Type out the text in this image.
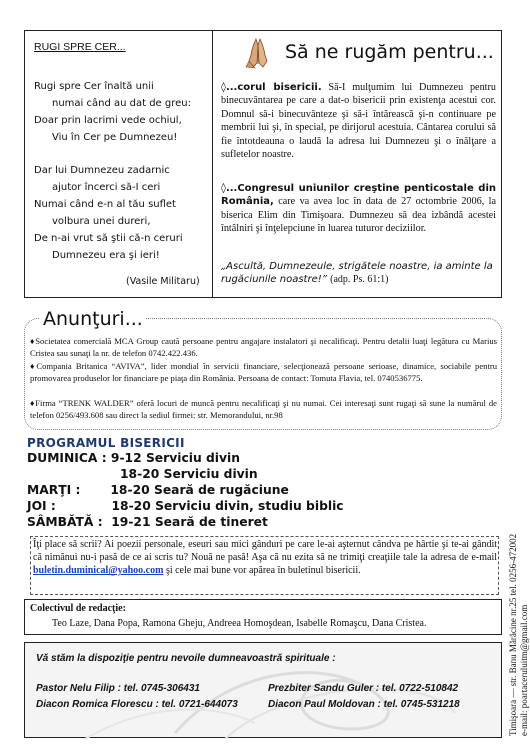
RUGI SPRE CER...
Rugi spre Cer înaltă unii
numai când au dat de greu:
Doar prin lacrimi vede ochiul,
Viu în Cer pe Dumnezeu!
Dar lui Dumnezeu zadarnic
ajutor încerci să-I ceri
Numai când e-n al tău suflet
volbura unei dureri,
De n-ai vrut să ştii că-n ceruri
Dumnezeu era şi ieri!
(Vasile Militaru)
Să ne rugăm pentru...
◊...corul bisericii. Să-I mulţumim lui Dumnezeu pentru binecuvântarea pe care a dat-o bisericii prin existenţa acestui cor. Domnul să-i binecuvânteze şi să-i întărească şi-n continuare pe membrii lui şi, în special, pe dirijorul acestuia. Cântarea corului să fie întotdeauna o laudă la adresa lui Dumnezeu şi o înălţare a sufletelor noastre.
◊...Congresul uniunilor creştine penticostale din România, care va avea loc în data de 27 octombrie 2006, la biserica Elim din Timişoara. Dumnezeu să dea izbândă acestei întâlniri şi înţelepciune în luarea tuturor deciziilor.
„Ascultă, Dumnezeule, strigătele noastre, ia aminte la rugăciunile noastre!” (adp. Ps. 61:1)
Anunţuri...
♦Societatea comercială MCA Group caută persoane pentru angajare instalatori şi necalificaţi. Pentru detalii luaţi legătura cu Marius Cristea sau sunaţi la nr. de telefon 0742.422.436.
♦Compania Britanica “AVIVA”, lider mondial în servicii financiare, selecţionează persoane serioase, dinamice, sociabile pentru promovarea produselor lor financiare pe piaţa din România. Persoana de contact: Tomuta Flavia, tel. 0740536775.
♦Firma “TRENK WALDER” oferă locuri de muncă pentru necalificaţi şi nu numai. Cei interesaţi sunt rugaţi să sune la numărul de telefon 0256/493.608 sau direct la sediul firmei: str. Memorandului, nr.98
PROGRAMUL BISERICII
DUMINICA : 9-12 Serviciu divin
18-20 Serviciu divin
MARŢI :       18-20 Seară de rugăciune
JOI :             18-20 Serviciu divin, studiu biblic
SÂMBĂTĂ :  19-21 Seară de tineret
Îţi place să scrii? Ai poezii personale, eseuri sau mici gânduri pe care le-ai aşternut cândva pe hârtie şi te-ai gândit că nimănui nu-i pasă de ce ai scris tu? Nouă ne pasă! Aşa că nu ezita să ne trimiţi creaţiile tale la adresa de e-mail buletin.duminical@yahoo.com şi cele mai bune vor apărea în buletinul bisericii.
Colectivul de redacţie:
Teo Laze, Dana Popa, Ramona Gheju, Andreea Homoşdean, Isabelle Romaşcu, Dana Cristea.
Vă stăm la dispoziţie pentru nevoile dumneavoastră spirituale :
Pastor Nelu Filip : tel. 0745-306431	Prezbiter Sandu Guler : tel. 0722-510842
Diacon Romica Florescu : tel. 0721-644073	Diacon Paul Moldovan : tel. 0745-531218	Timişoara — str. Banu Mărăcine nr.25 tel. 0256-472002 e-mail: poartaceruluitm@gmail.com
